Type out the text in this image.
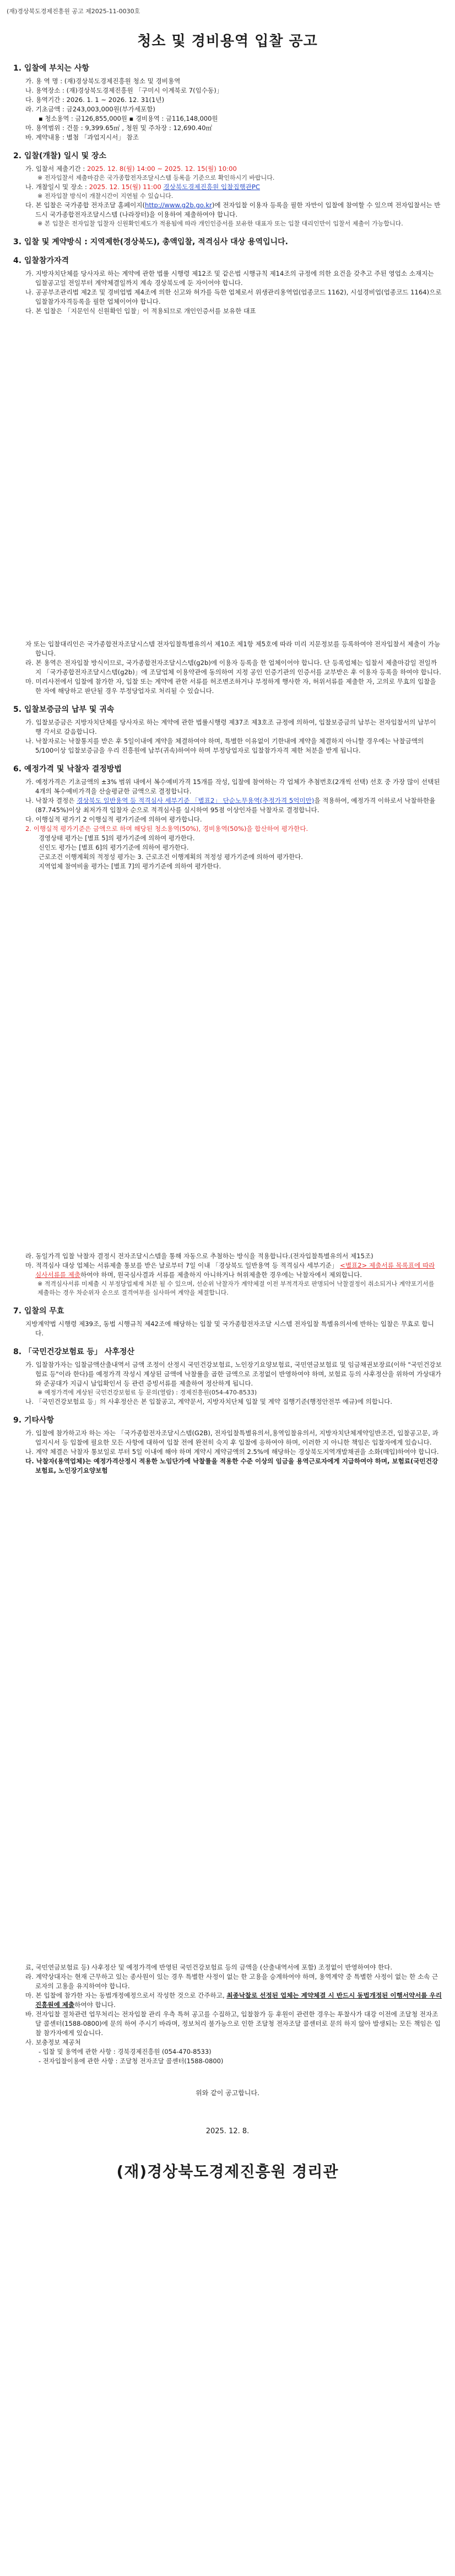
(재)경상북도경제진흥원 공고 제2025-11-0030호
청소 및 경비용역 입찰 공고
1. 입찰에 부치는 사항
가. 용 역 명 : (재)경상북도경제진흥원 청소 및 경비용역
나. 용역장소 : (재)경상북도경제진흥원 「구미시 이계북로 7(임수동)」
다. 용역기간 : 2026. 1. 1 ~ 2026. 12. 31(1년)
라. 기초금액 : 금243,003,000원(부가세포함)
▪ 청소용역 : 금126,855,000원 ▪ 경비용역 : 금116,148,000원
마. 용역범위 : 건물 : 9,399.65㎡ , 청원 및 주차장 : 12,690.40㎡
바. 계약내용 : 별첨 「과업지시서」 참조
2. 입찰(개찰) 일시 및 장소
가. 입찰서 제출기간 : 2025. 12. 8(월) 14:00 ~ 2025. 12. 15(월) 10:00
※ 전자입찰서 제출마감은 국가종합전자조달시스템 등록을 기준으로 확인하시기 바랍니다.
나. 개찰일시 및 장소 : 2025. 12. 15(월) 11:00 경상북도경제진흥원 입찰집행관PC
※ 전자입찰 방식이 개찰시간이 지연될 수 있습니다.
다. 본 입찰은 국가종합 전자조달 홈페이지(http://www.g2b.go.kr)에 전자입찰 이용자 등록을 필한 자만이 입찰에 참여할 수 있으며 전자입찰서는 반드시 국가종합전자조달시스템 (나라장터)을 이용하여 제출하여야 합니다.
※ 본 입찰은 전자입찰 입찰자 신원확인제도가 적용됨에 따라 개인인증서를 보유한 대표자 또는 입찰 대리인만이 입찰서 제출이 가능합니다.
3. 입찰 및 계약방식 : 지역제한(경상북도), 총액입찰, 적격심사 대상 용역입니다.
4. 입찰참가자격
가. 지방자치단체를 당사자로 하는 계약에 관한 법률 시행령 제12조 및 같은법 시행규칙 제14조의 규정에 의한 요건을 갖추고 주된 영업소 소재지는 입찰공고일 전일부터 계약체결일까지 계속 경상북도에 둔 자이어야 합니다.
나. 공공부조관리법 제2조 및 경비업법 제4조에 의한 신고와 허가를 득한 업체로서 위생관리용역업(업종코드 1162), 시설경비업(업종코드 1164)으로 입찰참가자격등록을 필한 업체이어야 합니다.
다. 본 입찰은 「지문인식 신원확인 입찰」이 적용되므로 개인인증서를 보유한 대표
자 또는 입찰대리인은 국가종합전자조달시스템 전자입찰특별유의서 제10조 제1항 제5호에 따라 미리 지문정보를 등록하여야 전자입찰서 제출이 가능합니다.
라. 본 용역은 전자입찰 방식이므로, 국가종합전자조달시스템(g2b)에 이용자 등록을 한 업체이어야 합니다. 단 등록업체는 입찰서 제출마감일 전일까지 「국가종합전자조달시스템(g2b)」에 조달업체 이용약관에 동의하여 지정 공인 인증기관의 인증서를 교부받은 후 이용자 등록을 하여야 합니다.
마. 미리사전에서 입찰에 참가한 자, 입찰 또는 계약에 관한 서류를 허조변조하거나 부정하게 행사한 자, 허위서류를 제출한 자, 고의로 무효의 입찰을 한 자에 해당하고 판단될 경우 부정당업자로 처리될 수 있습니다.
5. 입찰보증금의 납부 및 귀속
가. 입찰보증금은 지방자치단체를 당사자로 하는 계약에 관한 법률시행령 제37조 제3호조 규정에 의하여, 입찰보증금의 납부는 전자입찰서의 납부이행 각서로 갈음합니다.
나. 낙찰자로는 낙찰통지를 받은 후 5일이내에 계약을 체결하여야 하며, 특별한 이유없이 기한내에 계약을 체결하지 아니할 경우에는 낙찰금액의 5/100이상 입찰보증금을 우리 진흥원에 납부(귀속)하여야 하며 부정당업자로 입찰참가자격 제한 처분을 받게 됩니다.
6. 예정가격 및 낙찰자 결정방법
가. 예정가격은 기초금액의 ±3% 범위 내에서 복수예비가격 15개를 작성, 입찰에 참여하는 각 업체가 추첨번호(2개씩 선택) 선호 중 가장 많이 선택된 4개의 복수예비가격을 산술평균한 금액으로 결정합니다.
나. 낙찰자 결정은 경상북도 일반용역 등 적격심사 세부기준 「별표2」 단순노무용역(추정가격 5억미만)을 적용하여, 예정가격 이하로서 낙찰하한율(87.745%)이상 최저가격 입찰자 순으로 적격심사를 실시하여 95점 이상인자를 낙찰자로 결정합니다.
다. 이행실적 평가기 2 이행실적 평가기준에 의하여 평가합니다.
2. 이행실적 평가기준은 금액으로 하며 해당된 청소용역(50%), 경비용역(50%)을 합산하여 평가한다.
경영상태 평가는 [별표 5]의 평가기준에 의하여 평가한다.
신인도 평가는 [별표 6]의 평가기준에 의하여 평가한다.
근로조건 이행계획의 적정성 평가는 3. 근로조건 이행계획의 적정성 평가기준에 의하여 평가한다.
지역업체 참여비율 평가는 [별표 7]의 평가기준에 의하여 평가한다.
라. 동일가격 입찰 낙찰자 결정시 전자조달시스템을 통해 자동으로 추첨하는 방식을 적용합니다.(전자입찰특별유의서 제15조)
마. 적격심사 대상 업체는 서류제출 통보를 받은 날로부터 7일 이내 「경상북도 일반용역 등 적격심사 세부기준」 <별표2> 제출서류 목록표에 따라 심사서류를 제출하여야 하며, 원국심사결과 서류를 제출하지 아니하거나 허위제출한 경우에는 낙찰자에서 제외합니다.
※ 적격심사서류 미제출 시 부정당업제재 처분 될 수 있으며, 선순위 낙찰자가 계약체결 이전 부적격자로 판명되어 낙찰결정이 취소되거나 계약포기서를 제출하는 경우 차순위자 순으로 결격여부를 심사하여 계약을 체결합니다.
7. 입찰의 무효
지방계약법 시행령 제39조, 동법 시행규칙 제42조에 해당하는 입찰 및 국가종합전자조달 시스템 전자입찰 특별유의서에 반하는 입찰은 무효로 합니다.
8. 「국민건강보험료 등」 사후정산
가. 입찰참가자는 입찰금액산출내역서 금액 조정이 산정시 국민건강보험료, 노인장기요양보험료, 국민연금보험료 및 임금채권보장료(이하 "국민건강보험료 등"이라 한다)를 예정가격 작성시 계상된 금액에 낙찰률을 곱한 금액으로 조정없이 반영하여야 하며, 보험료 등의 사후정산을 위하여 가상대가와 준공대가 지급시 납입확인서 등 관련 증빙서류를 제출하여 정산하게 됩니다.
※ 예정가격에 계상된 국민건강보험료 등 문의(열람) : 경제진흥원(054-470-8533)
나. 「국민건강보험료 등」의 사후정산은 본 입찰공고, 계약문서, 지방자치단체 입찰 및 계약 집행기준(행정안전부 예규)에 의합니다.
9. 기타사항
가. 입찰에 참가하고자 하는 자는 「국가종합전자조달시스템(G2B), 전자입찰특별유의서,용역입찰유의서, 지방자치단체계약일반조건, 입찰공고문, 과업지시서 등 입찰에 필요한 모든 사항에 대하여 입찰 전에 완전히 숙지 후 입찰에 응하여야 하며, 이러한 지 아니한 책임은 입찰자에게 있습니다.
나. 계약 체결은 낙찰자 통보일로 부터 5일 이내에 해야 하며 계약시 계약금액의 2.5%에 해당하는 경상북도지역개발채권을 소화(매입)하여야 합니다.
다. 낙찰자(용역업체)는 예정가격산정시 적용한 노임단가에 낙찰률을 적용한 수준 이상의 임금을 용역근로자에게 지급하여야 하며, 보험료(국민건강보험료, 노인장기요양보험
료, 국민연금보험료 등) 사후정산 및 예정가격에 반영된 국민건강보험료 등의 금액을 (산출내역서에 포함) 조정없이 반영하여야 한다.
라. 계약상대자는 현재 근무하고 있는 종사원이 있는 경우 특별한 사정이 없는 한 고용을 승계하여야 하며, 용역계약 중 특별한 사정이 없는 한 소속 근로자의 고용을 유지하여야 합니다.
마. 본 입찰에 참가한 자는 동법개정예정으로서 작성한 것으로 간주하고, 최종낙찰로 선정된 업체는 계약체결 시 반드시 동법개정된 이행서약서를 우리 진흥원에 제출하여야 합니다.
바. 전자입찰 절차관련 업무처리는 전자입찰 관리 우측 특허 공고를 수집하고, 입찰참가 등 후원이 관련한 경우는 투찰사가 대강 이전에 조달청 전자조달 콜센터(1588-0800)에 문의 하여 주시기 바라며, 정보처리 불가능으로 인한 조달청 전자조달 콜센터로 문의 하지 않아 발생되는 모든 책임은 입찰 참가자에게 있습니다.
사. 보충정보 제공처
- 입찰 및 용역에 관한 사항 : 경북경제진흥원 (054-470-8533)
- 전자입찰이용에 관한 사항 : 조달청 전자조달 콜센터(1588-0800)
위와 같이 공고합니다.
2025. 12. 8.
(재)경상북도경제진흥원 경리관
